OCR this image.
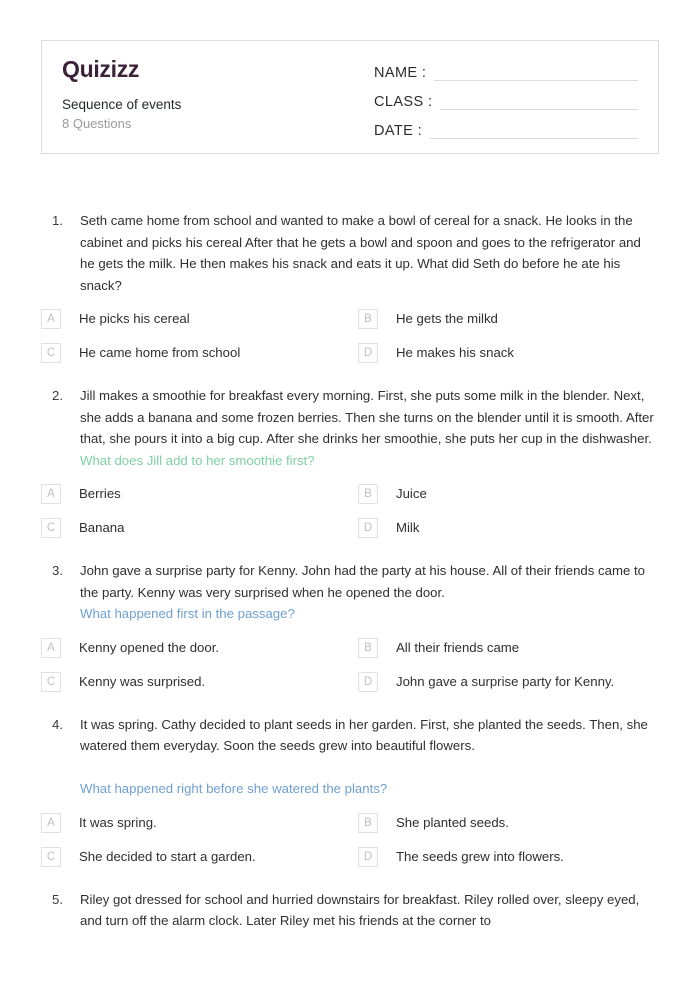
Quizizz
Sequence of events
8 Questions
NAME :
CLASS :
DATE :
1.	Seth came home from school and wanted to make a bowl of cereal for a snack. He looks in the cabinet and picks his cereal After that he gets a bowl and spoon and goes to the refrigerator and he gets the milk. He then makes his snack and eats it up. What did Seth do before he ate his snack?
A	He picks his cereal	B	He gets the milkd
C	He came home from school	D	He makes his snack
2.	Jill makes a smoothie for breakfast every morning. First, she puts some milk in the blender. Next, she adds a banana and some frozen berries. Then she turns on the blender until it is smooth. After that, she pours it into a big cup. After she drinks her smoothie, she puts her cup in the dishwasher.
What does Jill add to her smoothie first?
A	Berries	B	Juice
C	Banana	D	Milk
3.	John gave a surprise party for Kenny. John had the party at his house. All of their friends came to the party. Kenny was very surprised when he opened the door.
What happened first in the passage?
A	Kenny opened the door.	B	All their friends came
C	Kenny was surprised.	D	John gave a surprise party for Kenny.
4.	It was spring. Cathy decided to plant seeds in her garden. First, she planted the seeds. Then, she watered them everyday. Soon the seeds grew into beautiful flowers.
What happened right before she watered the plants?
A	It was spring.	B	She planted seeds.
C	She decided to start a garden.	D	The seeds grew into flowers.
5.	Riley got dressed for school and hurried downstairs for breakfast. Riley rolled over, sleepy eyed, and turn off the alarm clock. Later Riley met his friends at the corner to
